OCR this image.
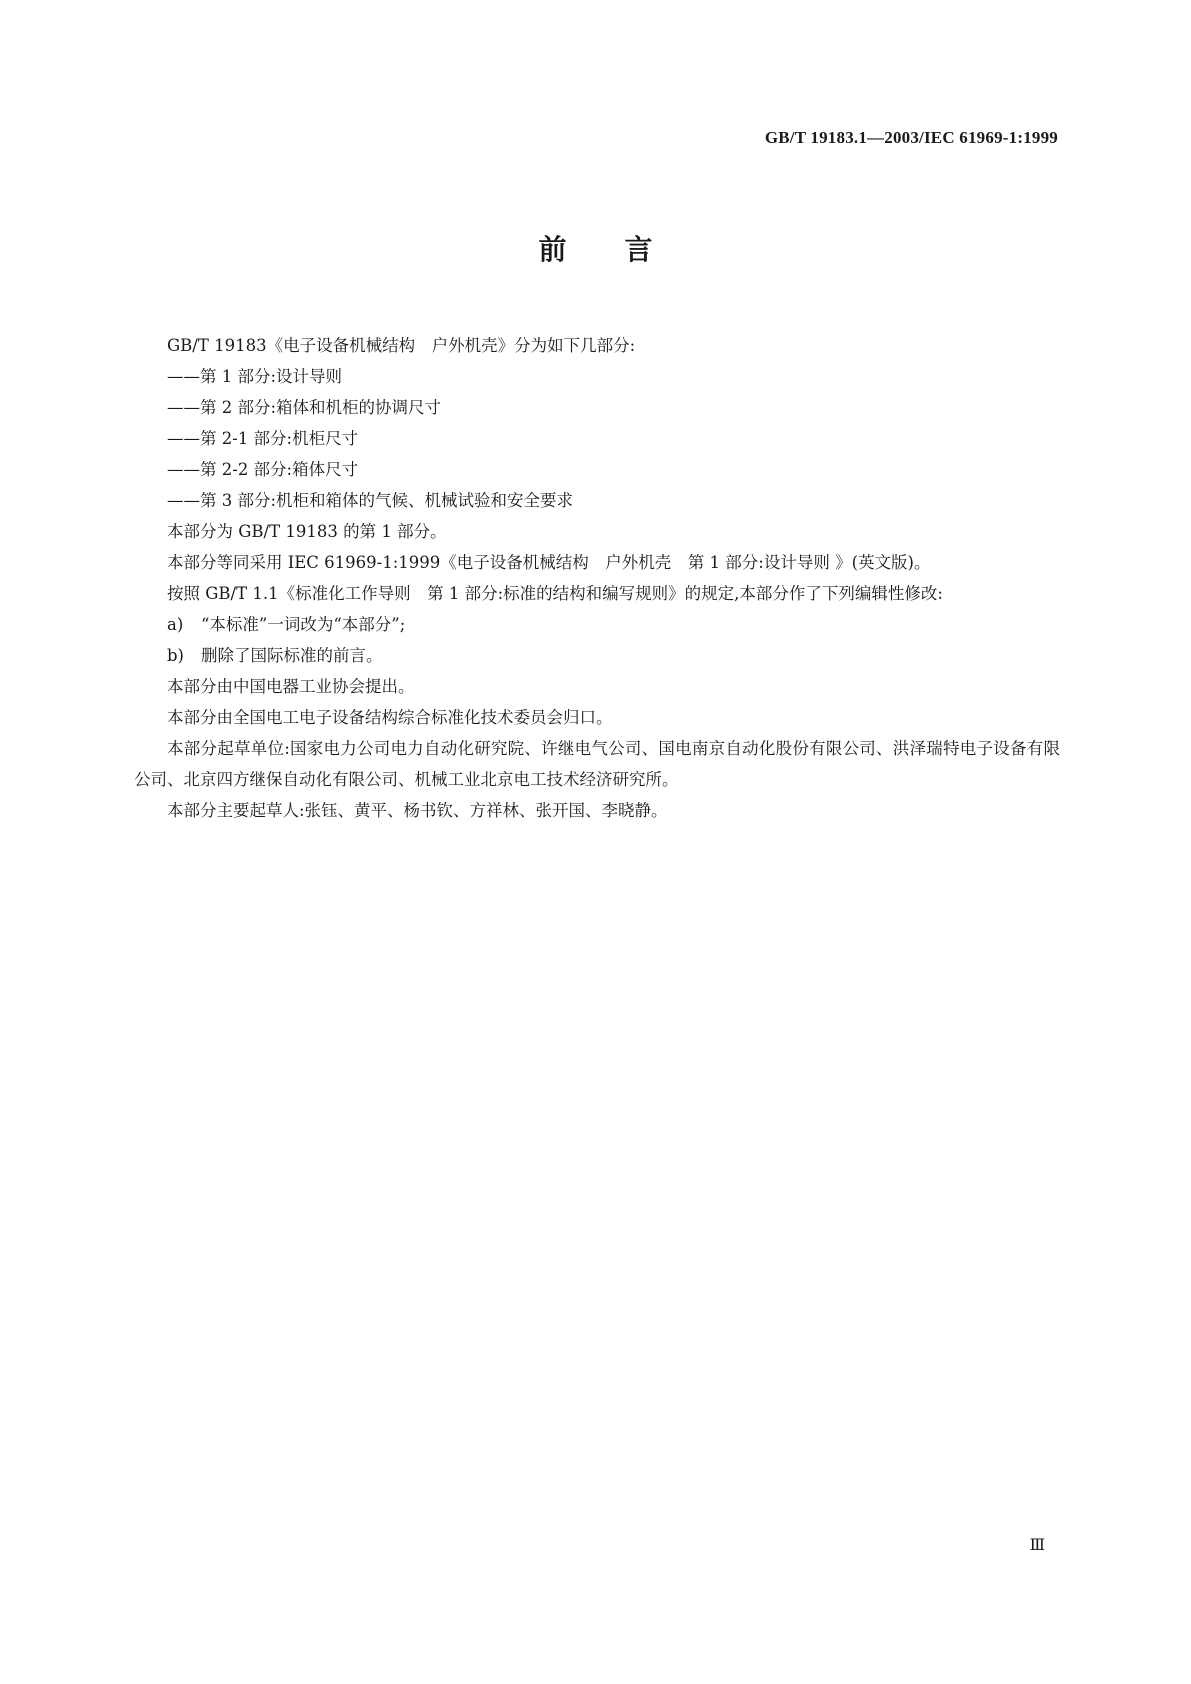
GB/T 19183.1—2003/IEC 61969-1:1999
前 言

GB/T 19183《电子设备机械结构　户外机壳》分为如下几部分:

——第 1 部分:设计导则

——第 2 部分:箱体和机柜的协调尺寸

——第 2-1 部分:机柜尺寸

——第 2-2 部分:箱体尺寸

——第 3 部分:机柜和箱体的气候、机械试验和安全要求

本部分为 GB/T 19183 的第 1 部分。

本部分等同采用 IEC 61969-1:1999《电子设备机械结构　户外机壳　第 1 部分:设计导则 》(英文版)。

按照 GB/T 1.1《标准化工作导则　第 1 部分:标准的结构和编写规则》的规定,本部分作了下列编辑性修改:

a) “本标准”一词改为“本部分”;

b) 删除了国际标准的前言。

本部分由中国电器工业协会提出。

本部分由全国电工电子设备结构综合标准化技术委员会归口。

本部分起草单位:国家电力公司电力自动化研究院、许继电气公司、国电南京自动化股份有限公司、洪泽瑞特电子设备有限公司、北京四方继保自动化有限公司、机械工业北京电工技术经济研究所。

本部分主要起草人:张钰、黄平、杨书钦、方祥林、张开国、李晓静。

Ⅲ
